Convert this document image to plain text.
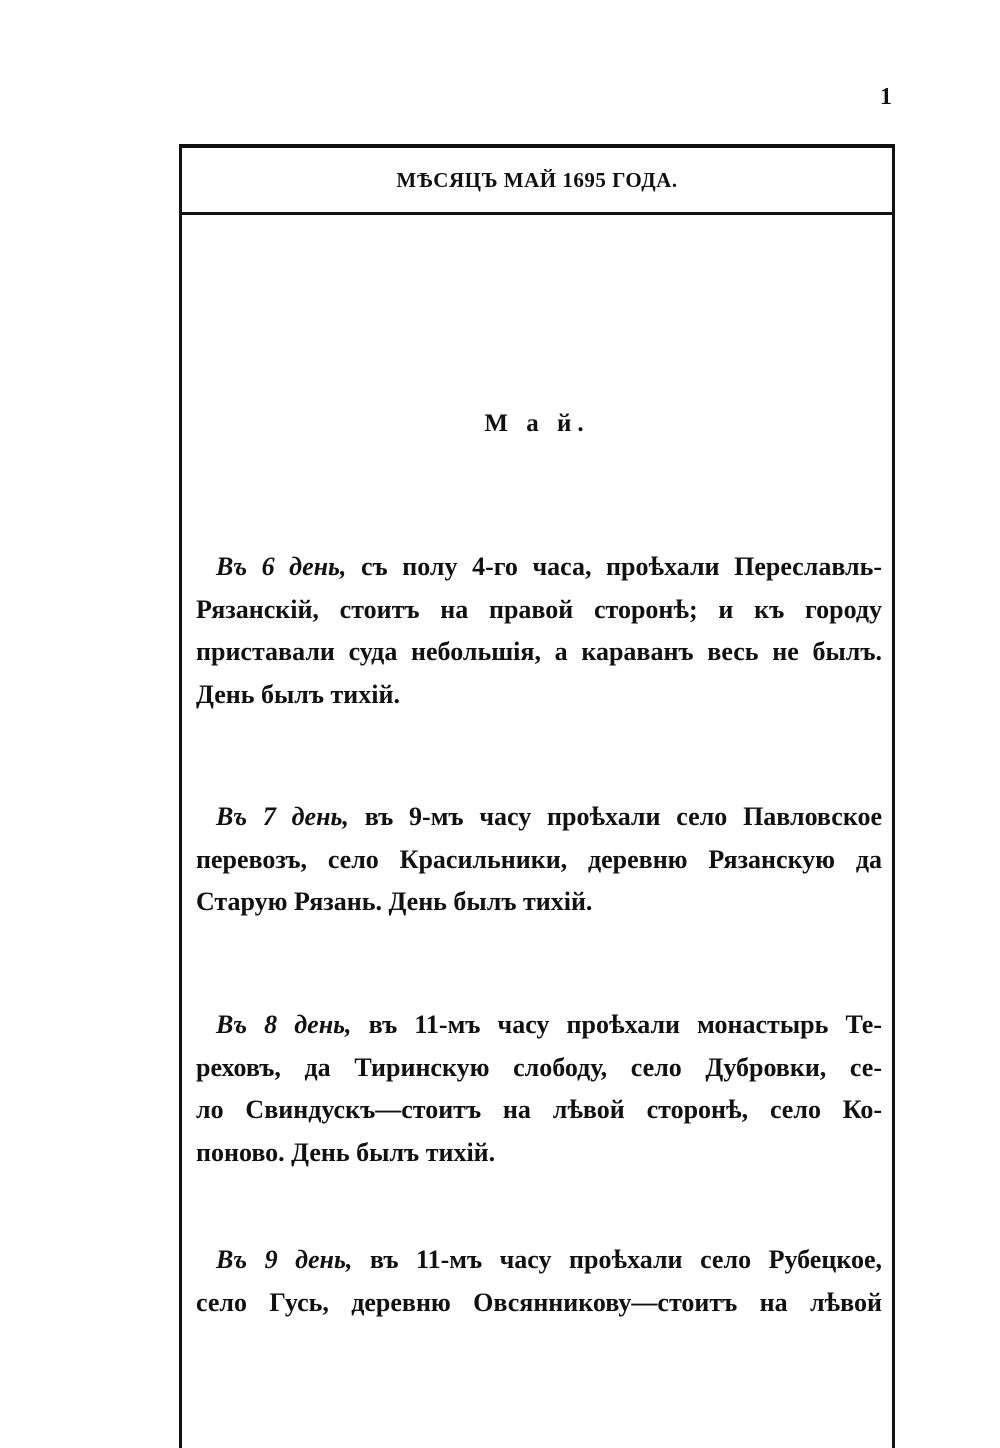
1
МѢСЯЦЪ МАЙ 1695 ГОДА.
М а й.
Въ 6 день, съ полу 4-го часа, проѣхали Переславль-
Рязанскій, стоитъ на правой сторонѣ; и къ городу
приставали суда небольшія, а караванъ весь не былъ.
День былъ тихій.
Въ 7 день, въ 9-мъ часу проѣхали село Павловское
перевозъ, село Красильники, деревню Рязанскую да
Старую Рязань. День былъ тихій.
Въ 8 день, въ 11-мъ часу проѣхали монастырь Те-
реховъ, да Тиринскую слободу, село Дубровки, се-
ло Свиндускъ—стоитъ на лѣвой сторонѣ, село Ко-
поново. День былъ тихій.
Въ 9 день, въ 11-мъ часу проѣхали село Рубецкое,
село Гусь, деревню Овсянникову—стоитъ на лѣвой
